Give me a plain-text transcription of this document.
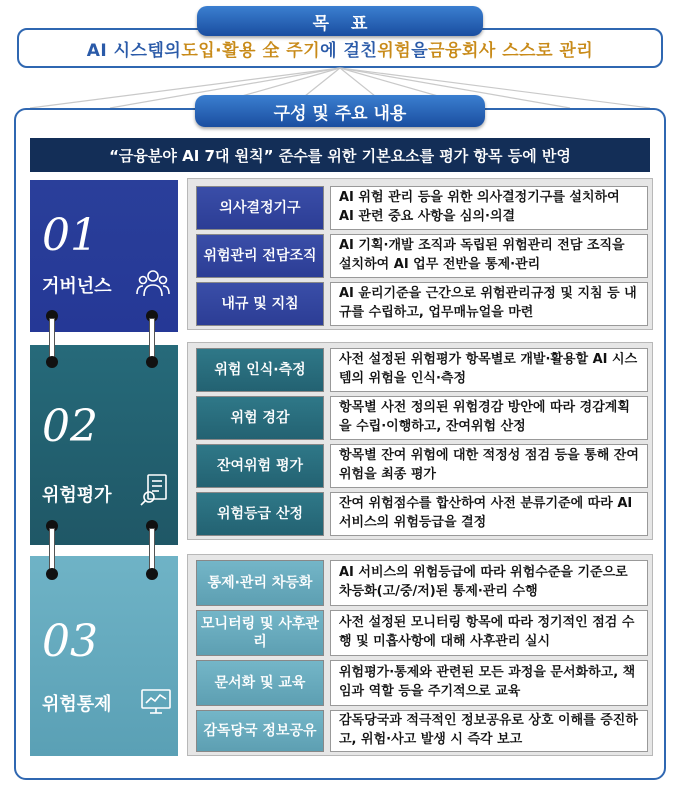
AI 시스템의 도입·활용 全 주기 에 걸친 위험 을 금융회사 스스로 관리
목표
구성 및 주요 내용
“금융분야 AI 7대 원칙” 준수를 위한 기본요소를 평가 항목 등에 반영
01
거버넌스
02
위험평가
03
위험통제
의사결정기구
AI 위험 관리 등을 위한 의사결정기구를 설치하여 AI 관련 중요 사항을 심의·의결
위험관리 전담조직
AI 기획·개발 조직과 독립된 위험관리 전담 조직을 설치하여 AI 업무 전반을 통제·관리
내규 및 지침
AI 윤리기준을 근간으로 위험관리규정 및 지침 등 내규를 수립하고, 업무매뉴얼을 마련
위험 인식·측정
사전 설정된 위험평가 항목별로 개발·활용할 AI 시스템의 위험을 인식·측정
위험 경감
항목별 사전 정의된 위험경감 방안에 따라 경감계획을 수립·이행하고, 잔여위험 산정
잔여위험 평가
항목별 잔여 위험에 대한 적정성 점검 등을 통해 잔여위험을 최종 평가
위험등급 산정
잔여 위험점수를 합산하여 사전 분류기준에 따라 AI 서비스의 위험등급을 결정
통제·관리 차등화
AI 서비스의 위험등급에 따라 위험수준을 기준으로 차등화(고/중/저)된 통제·관리 수행
모니터링 및 사후관리
사전 설정된 모니터링 항목에 따라 정기적인 점검 수행 및 미흡사항에 대해 사후관리 실시
문서화 및 교육
위험평가·통제와 관련된 모든 과정을 문서화하고, 책임과 역할 등을 주기적으로 교육
감독당국 정보공유
감독당국과 적극적인 정보공유로 상호 이해를 증진하고, 위험·사고 발생 시 즉각 보고
